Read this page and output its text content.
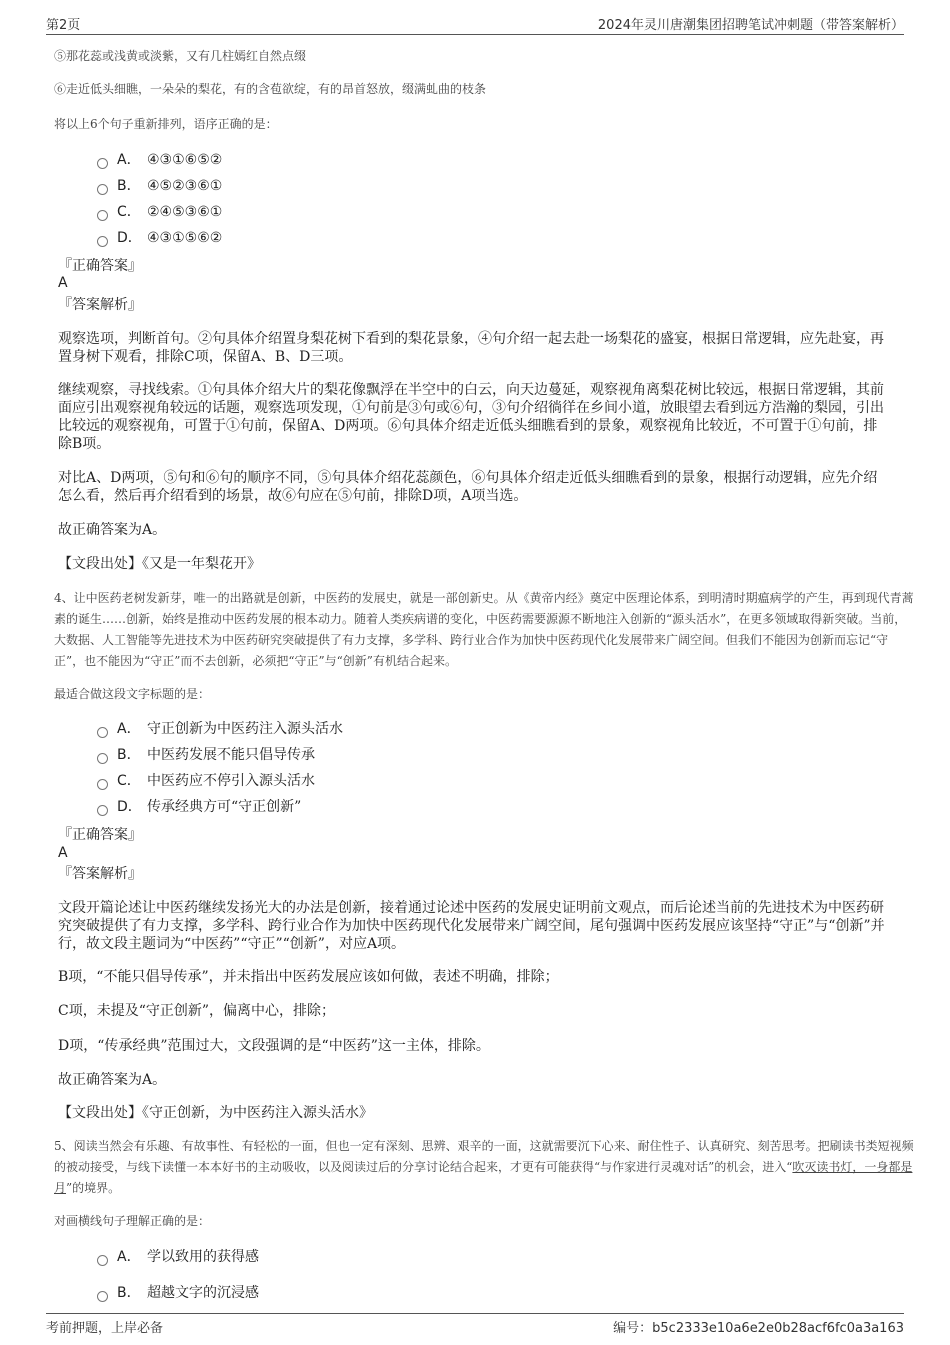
第2页	2024年灵川唐潮集团招聘笔试冲刺题（带答案解析）

⑤那花蕊或浅黄或淡紫，又有几柱嫣红自然点缀

⑥走近低头细瞧，一朵朵的梨花，有的含苞欲绽，有的昂首怒放，缀满虬曲的枝条

将以上6个句子重新排列，语序正确的是：

A． ④③①⑥⑤②
B． ④⑤②③⑥①
C． ②④⑤③⑥①
D． ④③①⑤⑥②

『正确答案』

A

『答案解析』

观察选项，判断首句。②句具体介绍置身梨花树下看到的梨花景象，④句介绍一起去赴一场梨花的盛宴，根据日常逻辑，应先赴宴，再置身树下观看，排除C项，保留A、B、D三项。

继续观察，寻找线索。①句具体介绍大片的梨花像飘浮在半空中的白云，向天边蔓延，观察视角离梨花树比较远，根据日常逻辑，其前面应引出观察视角较远的话题，观察选项发现，①句前是③句或⑥句，③句介绍徜徉在乡间小道，放眼望去看到远方浩瀚的梨园，引出比较远的观察视角，可置于①句前，保留A、D两项。⑥句具体介绍走近低头细瞧看到的景象，观察视角比较近，不可置于①句前，排除B项。

对比A、D两项，⑤句和⑥句的顺序不同，⑤句具体介绍花蕊颜色，⑥句具体介绍走近低头细瞧看到的景象，根据行动逻辑，应先介绍怎么看，然后再介绍看到的场景，故⑥句应在⑤句前，排除D项，A项当选。

故正确答案为A。

【文段出处】《又是一年梨花开》

4、让中医药老树发新芽，唯一的出路就是创新，中医药的发展史，就是一部创新史。从《黄帝内经》奠定中医理论体系，到明清时期瘟病学的产生，再到现代青蒿素的诞生……创新，始终是推动中医药发展的根本动力。随着人类疾病谱的变化，中医药需要源源不断地注入创新的“源头活水”，在更多领域取得新突破。当前，大数据、人工智能等先进技术为中医药研究突破提供了有力支撑，多学科、跨行业合作为加快中医药现代化发展带来广阔空间。但我们不能因为创新而忘记“守正”，也不能因为“守正”而不去创新，必须把“守正”与“创新”有机结合起来。

最适合做这段文字标题的是：

A． 守正创新为中医药注入源头活水
B． 中医药发展不能只倡导传承
C． 中医药应不停引入源头活水
D． 传承经典方可“守正创新”

『正确答案』

A

『答案解析』

文段开篇论述让中医药继续发扬光大的办法是创新，接着通过论述中医药的发展史证明前文观点，而后论述当前的先进技术为中医药研究突破提供了有力支撑，多学科、跨行业合作为加快中医药现代化发展带来广阔空间，尾句强调中医药发展应该坚持“守正”与“创新”并行，故文段主题词为“中医药”“守正”“创新”，对应A项。

B项，“不能只倡导传承”，并未指出中医药发展应该如何做，表述不明确，排除；

C项，未提及“守正创新”，偏离中心，排除；

D项，“传承经典”范围过大，文段强调的是“中医药”这一主体，排除。

故正确答案为A。

【文段出处】《守正创新，为中医药注入源头活水》

5、阅读当然会有乐趣、有故事性、有轻松的一面，但也一定有深刻、思辨、艰辛的一面，这就需要沉下心来、耐住性子、认真研究、刻苦思考。把刷读书类短视频的被动接受，与线下读懂一本本好书的主动吸收，以及阅读过后的分享讨论结合起来，才更有可能获得“与作家进行灵魂对话”的机会，进入“吹灭读书灯，一身都是月”的境界。

对画横线句子理解正确的是：

A． 学以致用的获得感
B． 超越文字的沉浸感
考前押题，上岸必备	编号：b5c2333e10a6e2e0b28acf6fc0a3a163
